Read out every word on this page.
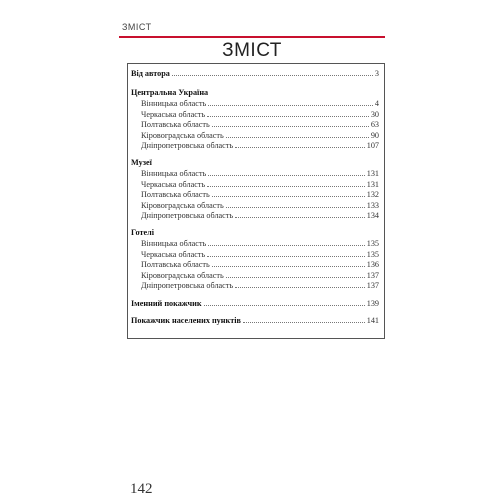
ЗМІСТ
ЗМІСТ
Від автора	3
Центральна Україна
Вінницька область	4
Черкаська область	30
Полтавська область	63
Кіровоградська область	90
Дніпропетровська область	107
Музеї
Вінницька область	131
Черкаська область	131
Полтавська область	132
Кіровоградська область	133
Дніпропетровська область	134
Готелі
Вінницька область	135
Черкаська область	135
Полтавська область	136
Кіровоградська область	137
Дніпропетровська область	137
Іменний покажчик	139
Покажчик населених пунктів	141
142
